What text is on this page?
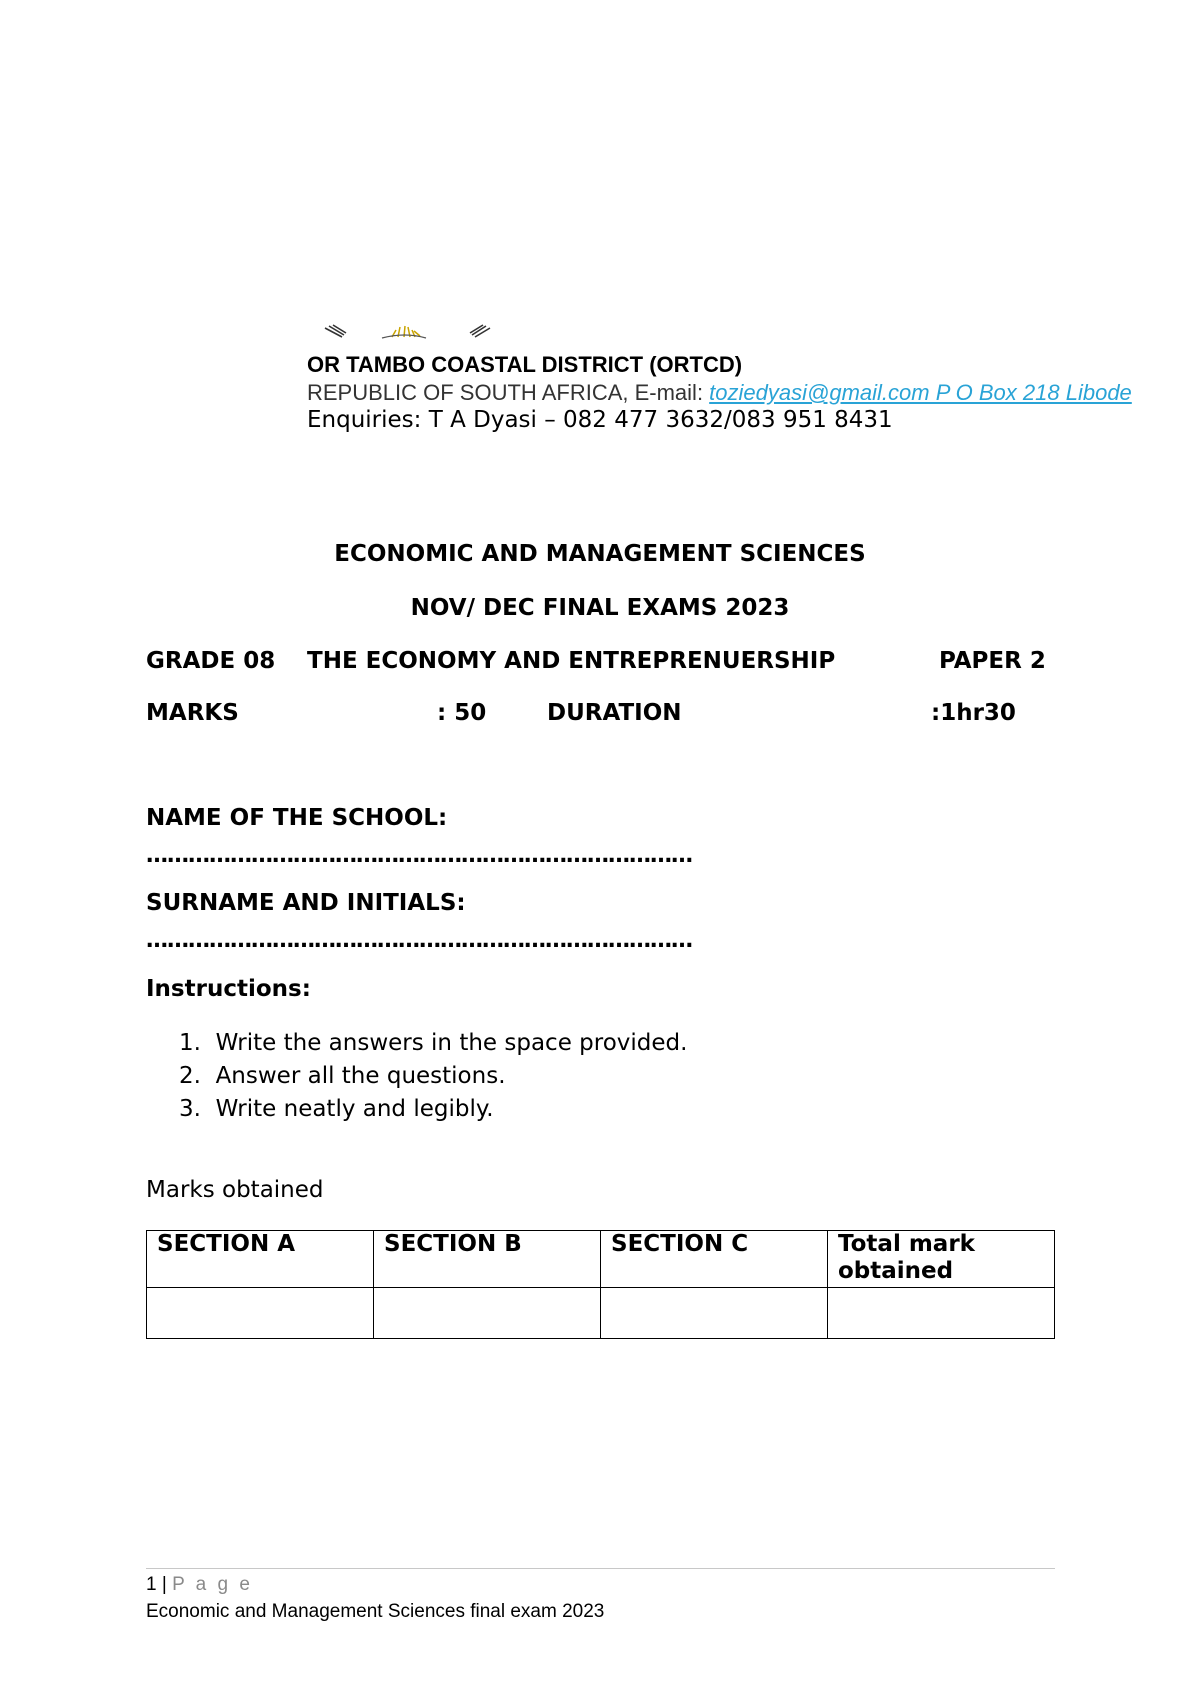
OR TAMBO COASTAL DISTRICT (ORTCD)
REPUBLIC OF SOUTH AFRICA, E-mail: toziedyasi@gmail.com P O Box 218 Libode
Enquiries: T A Dyasi – 082 477 3632/083 951 8431
ECONOMIC AND MANAGEMENT SCIENCES
NOV/ DEC FINAL EXAMS 2023
GRADE 08 THE ECONOMY AND ENTREPRENUERSHIP	PAPER 2
MARKS	: 50	DURATION	:1hr30
NAME OF THE SCHOOL:
……………………………………………………………………
SURNAME AND INITIALS:
……………………………………………………………………
Instructions:
1.  Write the answers in the space provided.
2.  Answer all the questions.
3.  Write neatly and legibly.
Marks obtained
SECTION A	SECTION B	SECTION C	Total mark obtained

1 | P a g e
Economic and Management Sciences final exam 2023
